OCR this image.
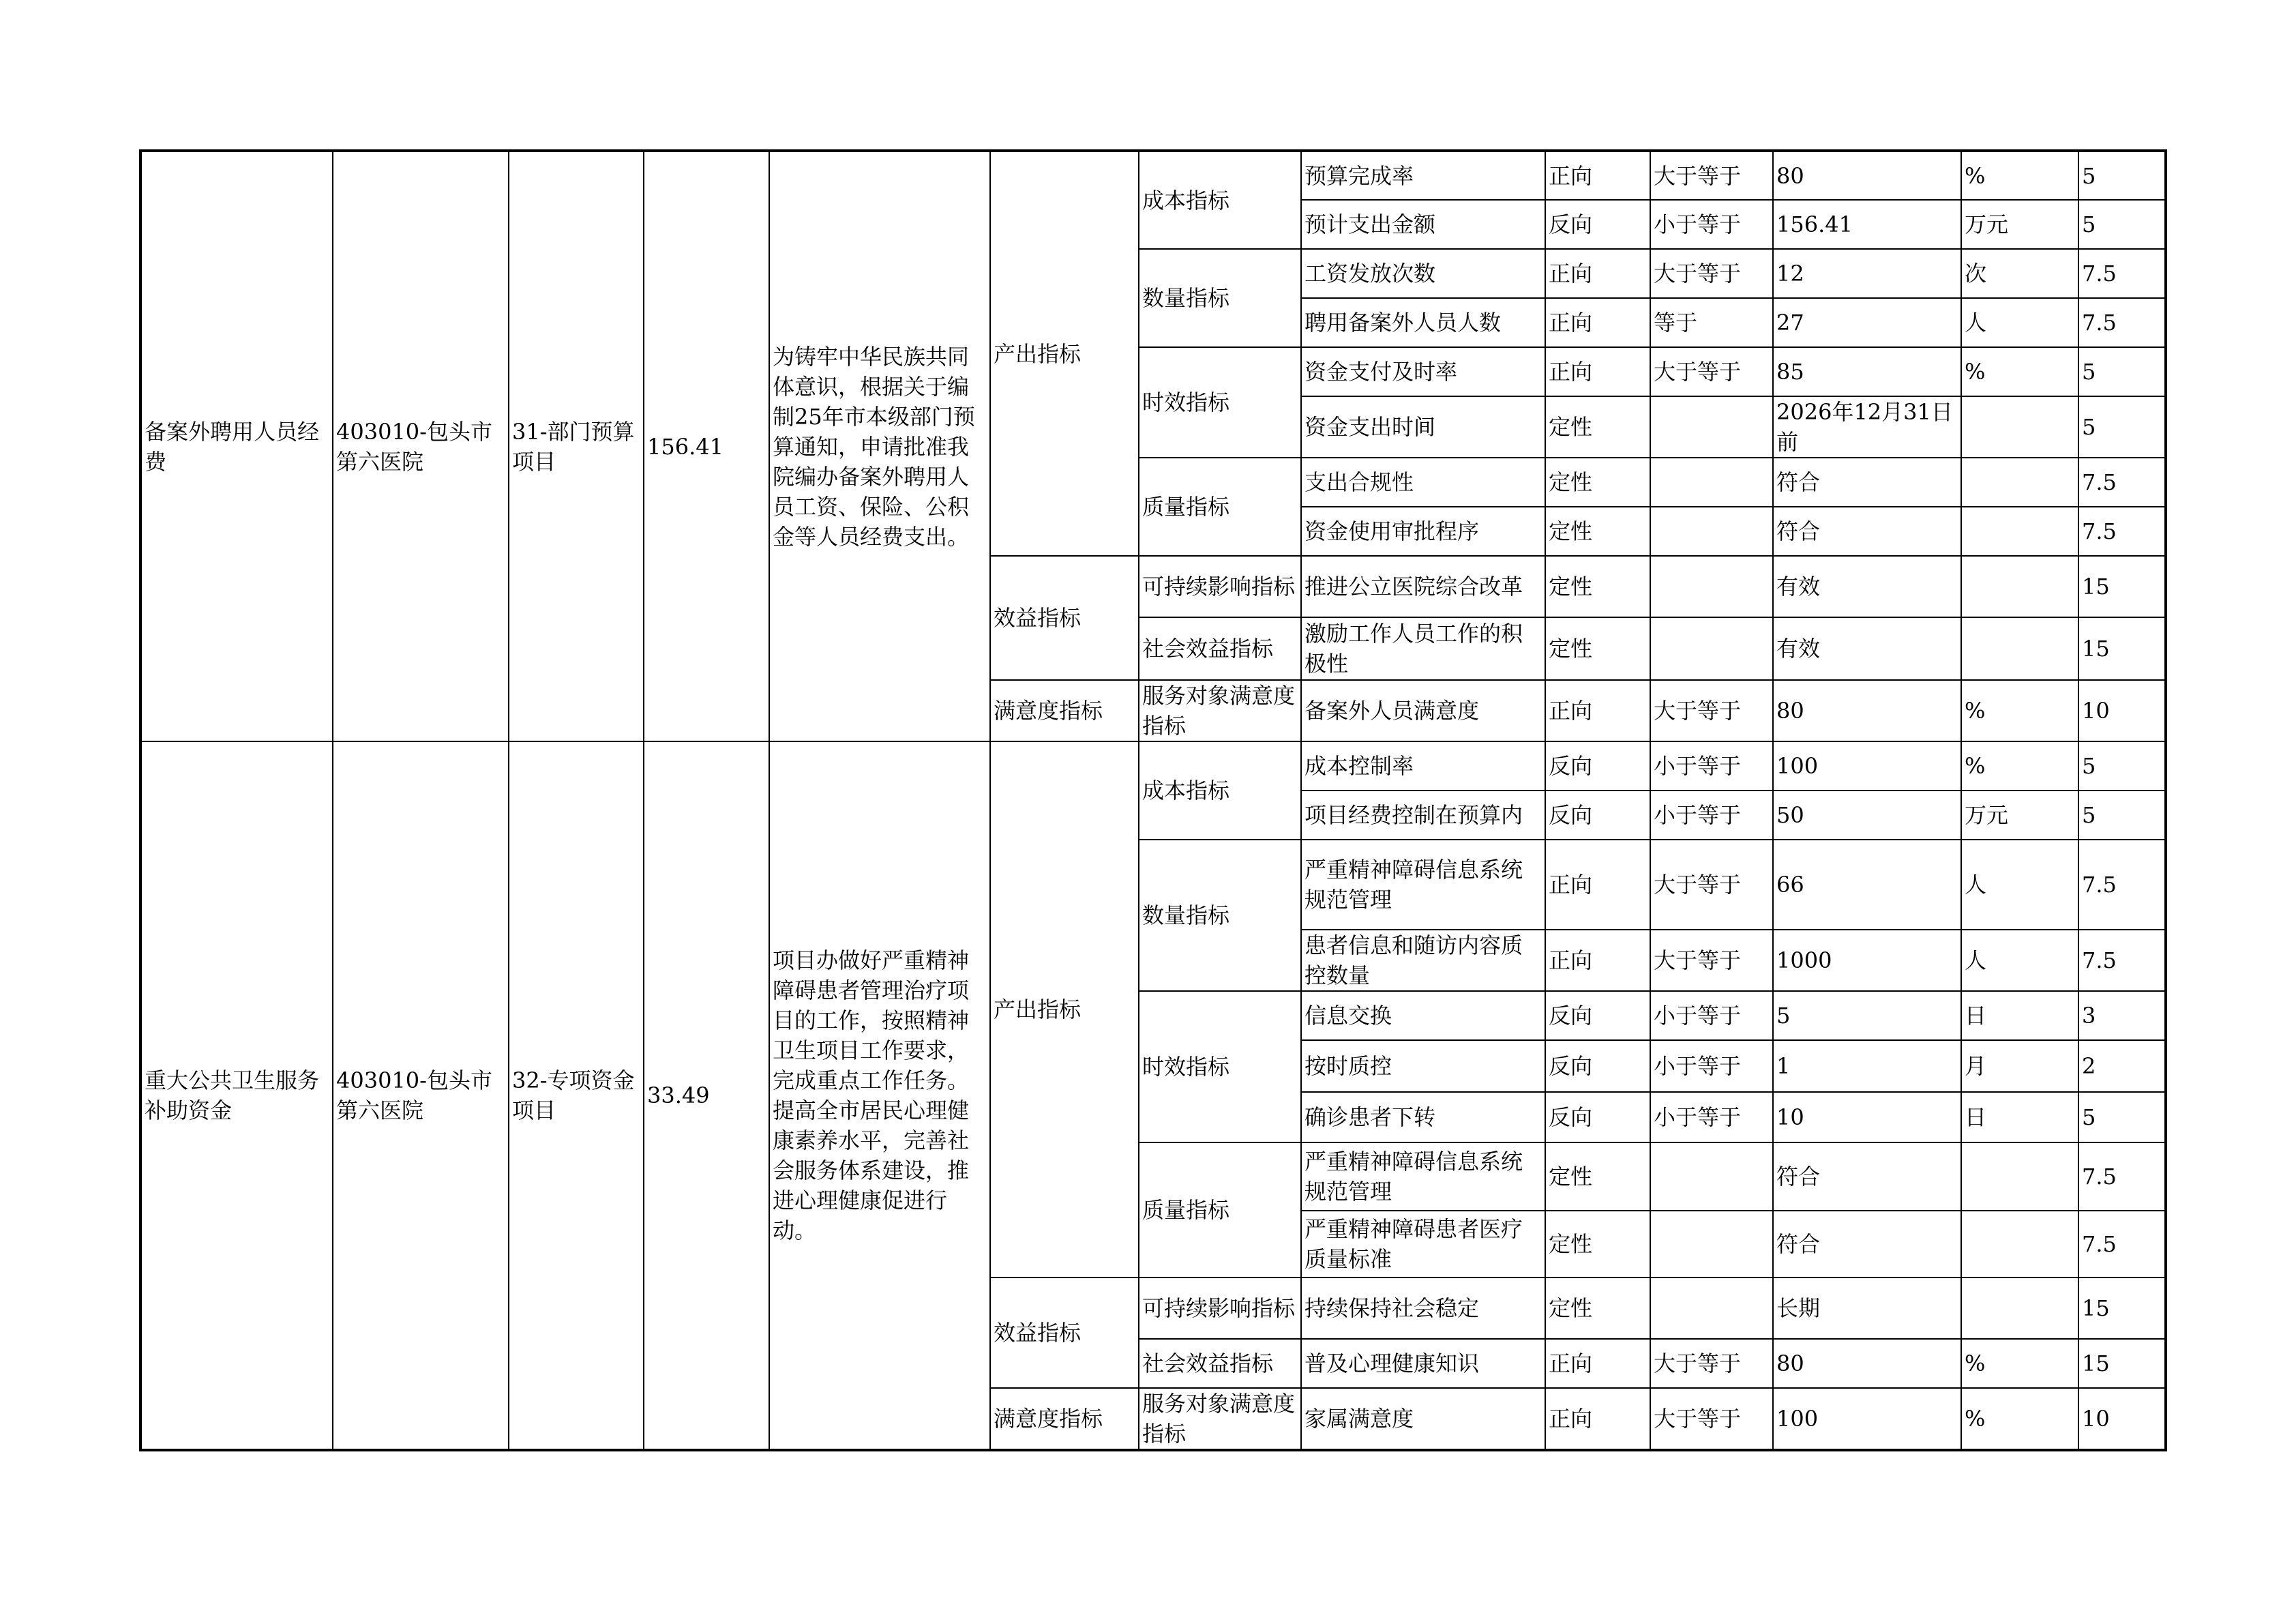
备案外聘用人员经费	403010-包头市第六医院	31-部门预算项目	156.41	为铸牢中华民族共同体意识，根据关于编制25年市本级部门预算通知，申请批准我院编办备案外聘用人员工资、保险、公积金等人员经费支出。	产出指标	成本指标	预算完成率	正向	大于等于	80	%	5
							预计支出金额	反向	小于等于	156.41	万元	5
						数量指标	工资发放次数	正向	大于等于	12	次	7.5
							聘用备案外人员人数	正向	等于	27	人	7.5
						时效指标	资金支付及时率	正向	大于等于	85	%	5
							资金支出时间	定性		2026年12月31日前		5
						质量指标	支出合规性	定性		符合		7.5
							资金使用审批程序	定性		符合		7.5
					效益指标	可持续影响指标	推进公立医院综合改革	定性		有效		15
						社会效益指标	激励工作人员工作的积极性	定性		有效		15
					满意度指标	服务对象满意度指标	备案外人员满意度	正向	大于等于	80	%	10
重大公共卫生服务补助资金	403010-包头市第六医院	32-专项资金项目	33.49	项目办做好严重精神障碍患者管理治疗项目的工作，按照精神卫生项目工作要求，完成重点工作任务。提高全市居民心理健康素养水平，完善社会服务体系建设，推进心理健康促进行动。	产出指标	成本指标	成本控制率	反向	小于等于	100	%	5
							项目经费控制在预算内	反向	小于等于	50	万元	5
						数量指标	严重精神障碍信息系统规范管理	正向	大于等于	66	人	7.5
							患者信息和随访内容质控数量	正向	大于等于	1000	人	7.5
						时效指标	信息交换	反向	小于等于	5	日	3
							按时质控	反向	小于等于	1	月	2
							确诊患者下转	反向	小于等于	10	日	5
						质量指标	严重精神障碍信息系统规范管理	定性		符合		7.5
							严重精神障碍患者医疗质量标准	定性		符合		7.5
					效益指标	可持续影响指标	持续保持社会稳定	定性		长期		15
						社会效益指标	普及心理健康知识	正向	大于等于	80	%	15
					满意度指标	服务对象满意度指标	家属满意度	正向	大于等于	100	%	10
